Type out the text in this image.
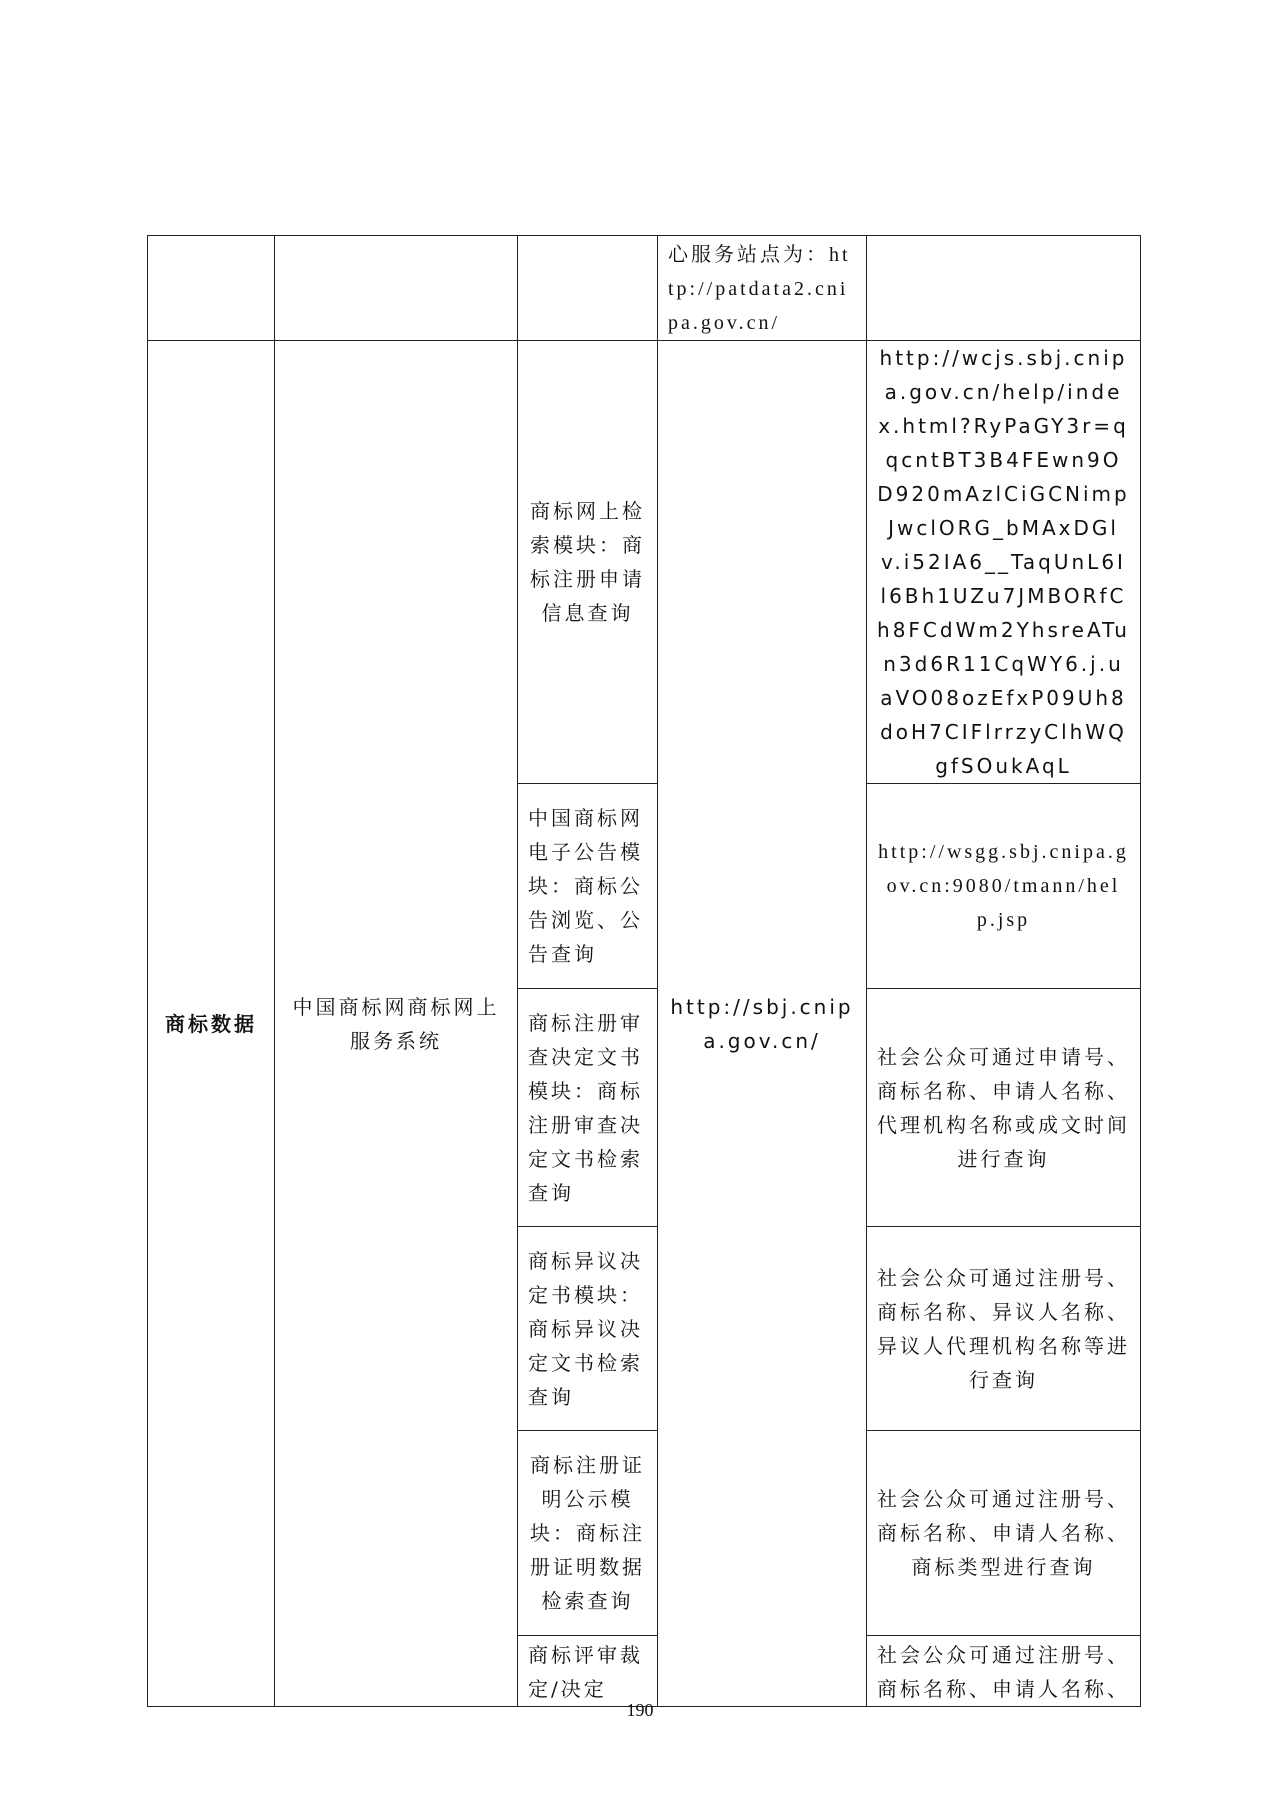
			心服务站点为：http://patdata2.cnipa.gov.cn/	
商标数据	中国商标网商标网上服务系统	商标网上检索模块：商标注册申请信息查询	http://sbj.cnipa.gov.cn/	http://wcjs.sbj.cnipa.gov.cn/help/index.html?RyPaGY3r=qqcntBT3B4FEwn9OD920mAzlCiGCNimpJwclORG_bMAxDGlv.i52IA6__TaqUnL6Il6Bh1UZu7JMBORfCh8FCdWm2YhsreATun3d6R11CqWY6.j.uaVO08ozEfxP09Uh8doH7CIFlrrzyClhWQgfSOukAqL
		中国商标网电子公告模块：商标公告浏览、公告查询		http://wsgg.sbj.cnipa.gov.cn:9080/tmann/help.jsp
		商标注册审查决定文书模块：商标注册审查决定文书检索查询		社会公众可通过申请号、商标名称、申请人名称、代理机构名称或成文时间进行查询
		商标异议决定书模块：商标异议决定文书检索查询		社会公众可通过注册号、商标名称、异议人名称、异议人代理机构名称等进行查询
		商标注册证明公示模块：商标注册证明数据检索查询		社会公众可通过注册号、商标名称、申请人名称、商标类型进行查询
		商标评审裁定/决定		社会公众可通过注册号、商标名称、申请人名称、
190
